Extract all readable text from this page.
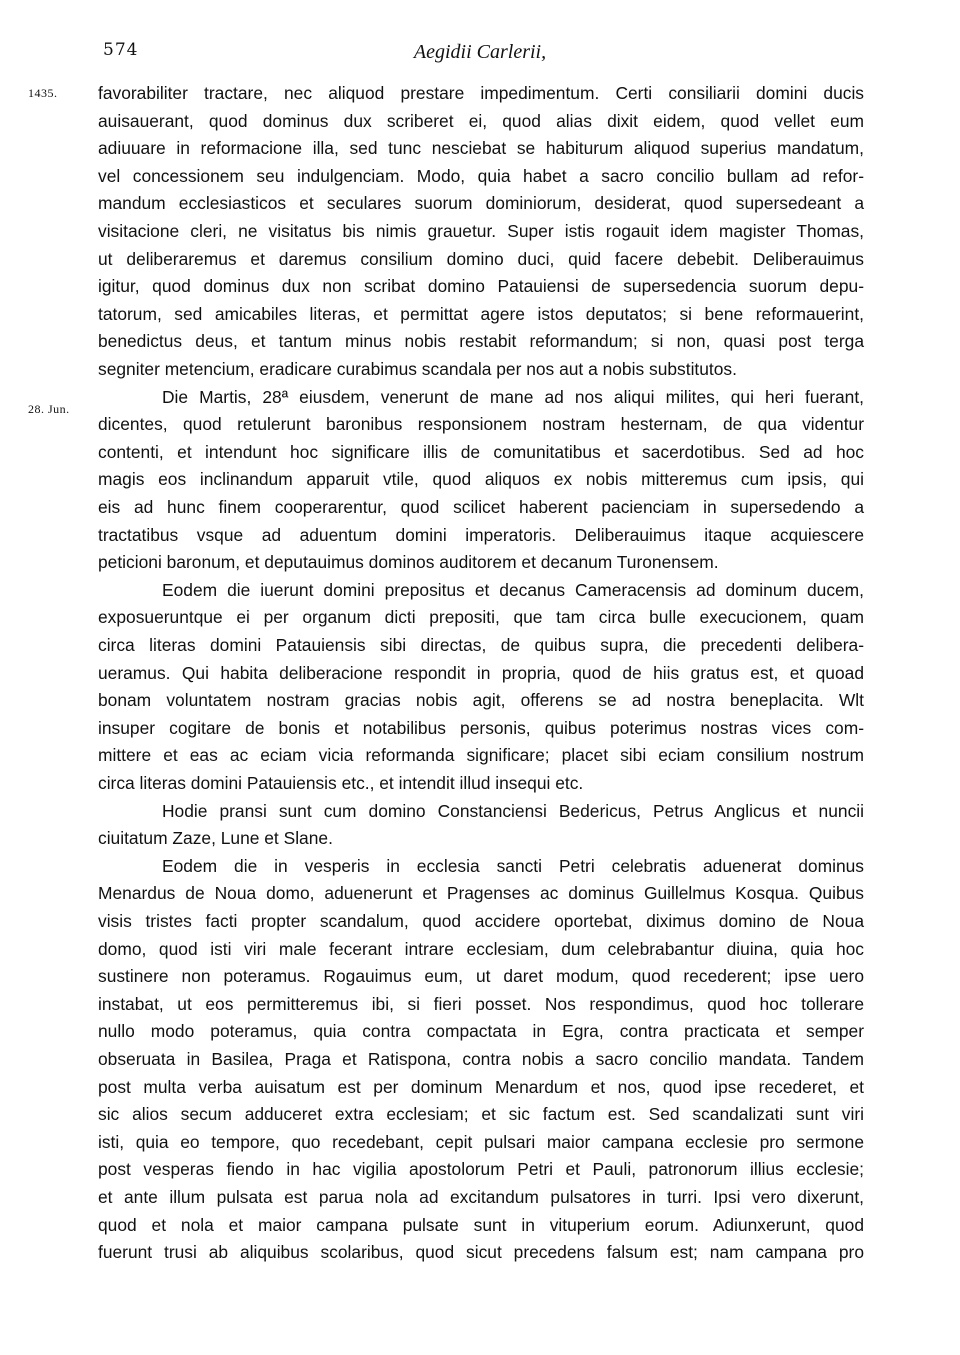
574	Aegidii Carlerii,
1435.
28. Jun.
favorabiliter tractare, nec aliquod prestare impedimentum. Certi consiliarii domini ducis
auisauerant, quod dominus dux scriberet ei, quod alias dixit eidem, quod vellet eum
adiuuare in reformacione illa, sed tunc nesciebat se habiturum aliquod superius mandatum,
vel concessionem seu indulgenciam. Modo, quia habet a sacro concilio bullam ad refor-
mandum ecclesiasticos et seculares suorum dominiorum, desiderat, quod supersedeant a
visitacione cleri, ne visitatus bis nimis grauetur. Super istis rogauit idem magister Thomas,
ut deliberaremus et daremus consilium domino duci, quid facere debebit. Deliberauimus
igitur, quod dominus dux non scribat domino Patauiensi de supersedencia suorum depu-
tatorum, sed amicabiles literas, et permittat agere istos deputatos; si bene reformauerint,
benedictus deus, et tantum minus nobis restabit reformandum; si non, quasi post terga
segniter metencium, eradicare curabimus scandala per nos aut a nobis substitutos.
Die Martis, 28ª eiusdem, venerunt de mane ad nos aliqui milites, qui heri fuerant,
dicentes, quod retulerunt baronibus responsionem nostram hesternam, de qua videntur
contenti, et intendunt hoc significare illis de comunitatibus et sacerdotibus. Sed ad hoc
magis eos inclinandum apparuit vtile, quod aliquos ex nobis mitteremus cum ipsis, qui
eis ad hunc finem cooperarentur, quod scilicet haberent pacienciam in supersedendo a
tractatibus vsque ad aduentum domini imperatoris. Deliberauimus itaque acquiescere
peticioni baronum, et deputauimus dominos auditorem et decanum Turonensem.
Eodem die iuerunt domini prepositus et decanus Cameracensis ad dominum ducem,
exposueruntque ei per organum dicti prepositi, que tam circa bulle execucionem, quam
circa literas domini Patauiensis sibi directas, de quibus supra, die precedenti delibera-
ueramus. Qui habita deliberacione respondit in propria, quod de hiis gratus est, et quoad
bonam voluntatem nostram gracias nobis agit, offerens se ad nostra beneplacita. Wlt
insuper cogitare de bonis et notabilibus personis, quibus poterimus nostras vices com-
mittere et eas ac eciam vicia reformanda significare; placet sibi eciam consilium nostrum
circa literas domini Patauiensis etc., et intendit illud insequi etc.
Hodie pransi sunt cum domino Constanciensi Bedericus, Petrus Anglicus et nuncii
ciuitatum Zaze, Lune et Slane.
Eodem die in vesperis in ecclesia sancti Petri celebratis aduenerat dominus
Menardus de Noua domo, aduenerunt et Pragenses ac dominus Guillelmus Kosqua. Quibus
visis tristes facti propter scandalum, quod accidere oportebat, diximus domino de Noua
domo, quod isti viri male fecerant intrare ecclesiam, dum celebrabantur diuina, quia hoc
sustinere non poteramus. Rogauimus eum, ut daret modum, quod recederent; ipse uero
instabat, ut eos permitteremus ibi, si fieri posset. Nos respondimus, quod hoc tollerare
nullo modo poteramus, quia contra compactata in Egra, contra practicata et semper
obseruata in Basilea, Praga et Ratispona, contra nobis a sacro concilio mandata. Tandem
post multa verba auisatum est per dominum Menardum et nos, quod ipse recederet, et
sic alios secum adduceret extra ecclesiam; et sic factum est. Sed scandalizati sunt viri
isti, quia eo tempore, quo recedebant, cepit pulsari maior campana ecclesie pro sermone
post vesperas fiendo in hac vigilia apostolorum Petri et Pauli, patronorum illius ecclesie;
et ante illum pulsata est parua nola ad excitandum pulsatores in turri. Ipsi vero dixerunt,
quod et nola et maior campana pulsate sunt in vituperium eorum. Adiunxerunt, quod
fuerunt trusi ab aliquibus scolaribus, quod sicut precedens falsum est; nam campana pro
